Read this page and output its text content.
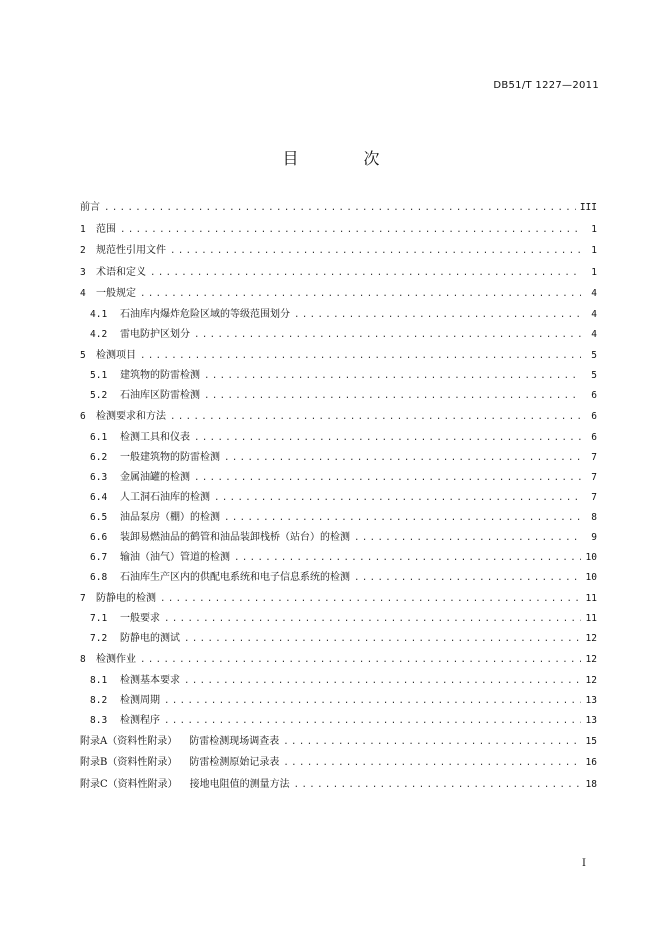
DB51/T 1227—2011
目 次
前言 .....	III
1	范围 .....	1
2	规范性引用文件 .....	1
3	术语和定义 .....	1
4	一般规定 .....	4
4.1	石油库内爆炸危险区域的等级范围划分 .....	4
4.2	雷电防护区划分 .....	4
5	检测项目 .....	5
5.1	建筑物的防雷检测 .....	5
5.2	石油库区防雷检测 .....	6
6	检测要求和方法 .....	6
6.1	检测工具和仪表 .....	6
6.2	一般建筑物的防雷检测 .....	7
6.3	金属油罐的检测 .....	7
6.4	人工洞石油库的检测 .....	7
6.5	油品泵房（棚）的检测 .....	8
6.6	装卸易燃油品的鹤管和油品装卸栈桥（站台）的检测 .....	9
6.7	输油（油气）管道的检测 .....	10
6.8	石油库生产区内的供配电系统和电子信息系统的检测 .....	10
7	防静电的检测 .....	11
7.1	一般要求 .....	11
7.2	防静电的测试 .....	12
8	检测作业 .....	12
8.1	检测基本要求 .....	12
8.2	检测周期 .....	13
8.3	检测程序 .....	13
附录A（资料性附录） 防雷检测现场调查表 .....	15
附录B（资料性附录） 防雷检测原始记录表 .....	16
附录C（资料性附录） 接地电阻值的测量方法 .....	18
I
